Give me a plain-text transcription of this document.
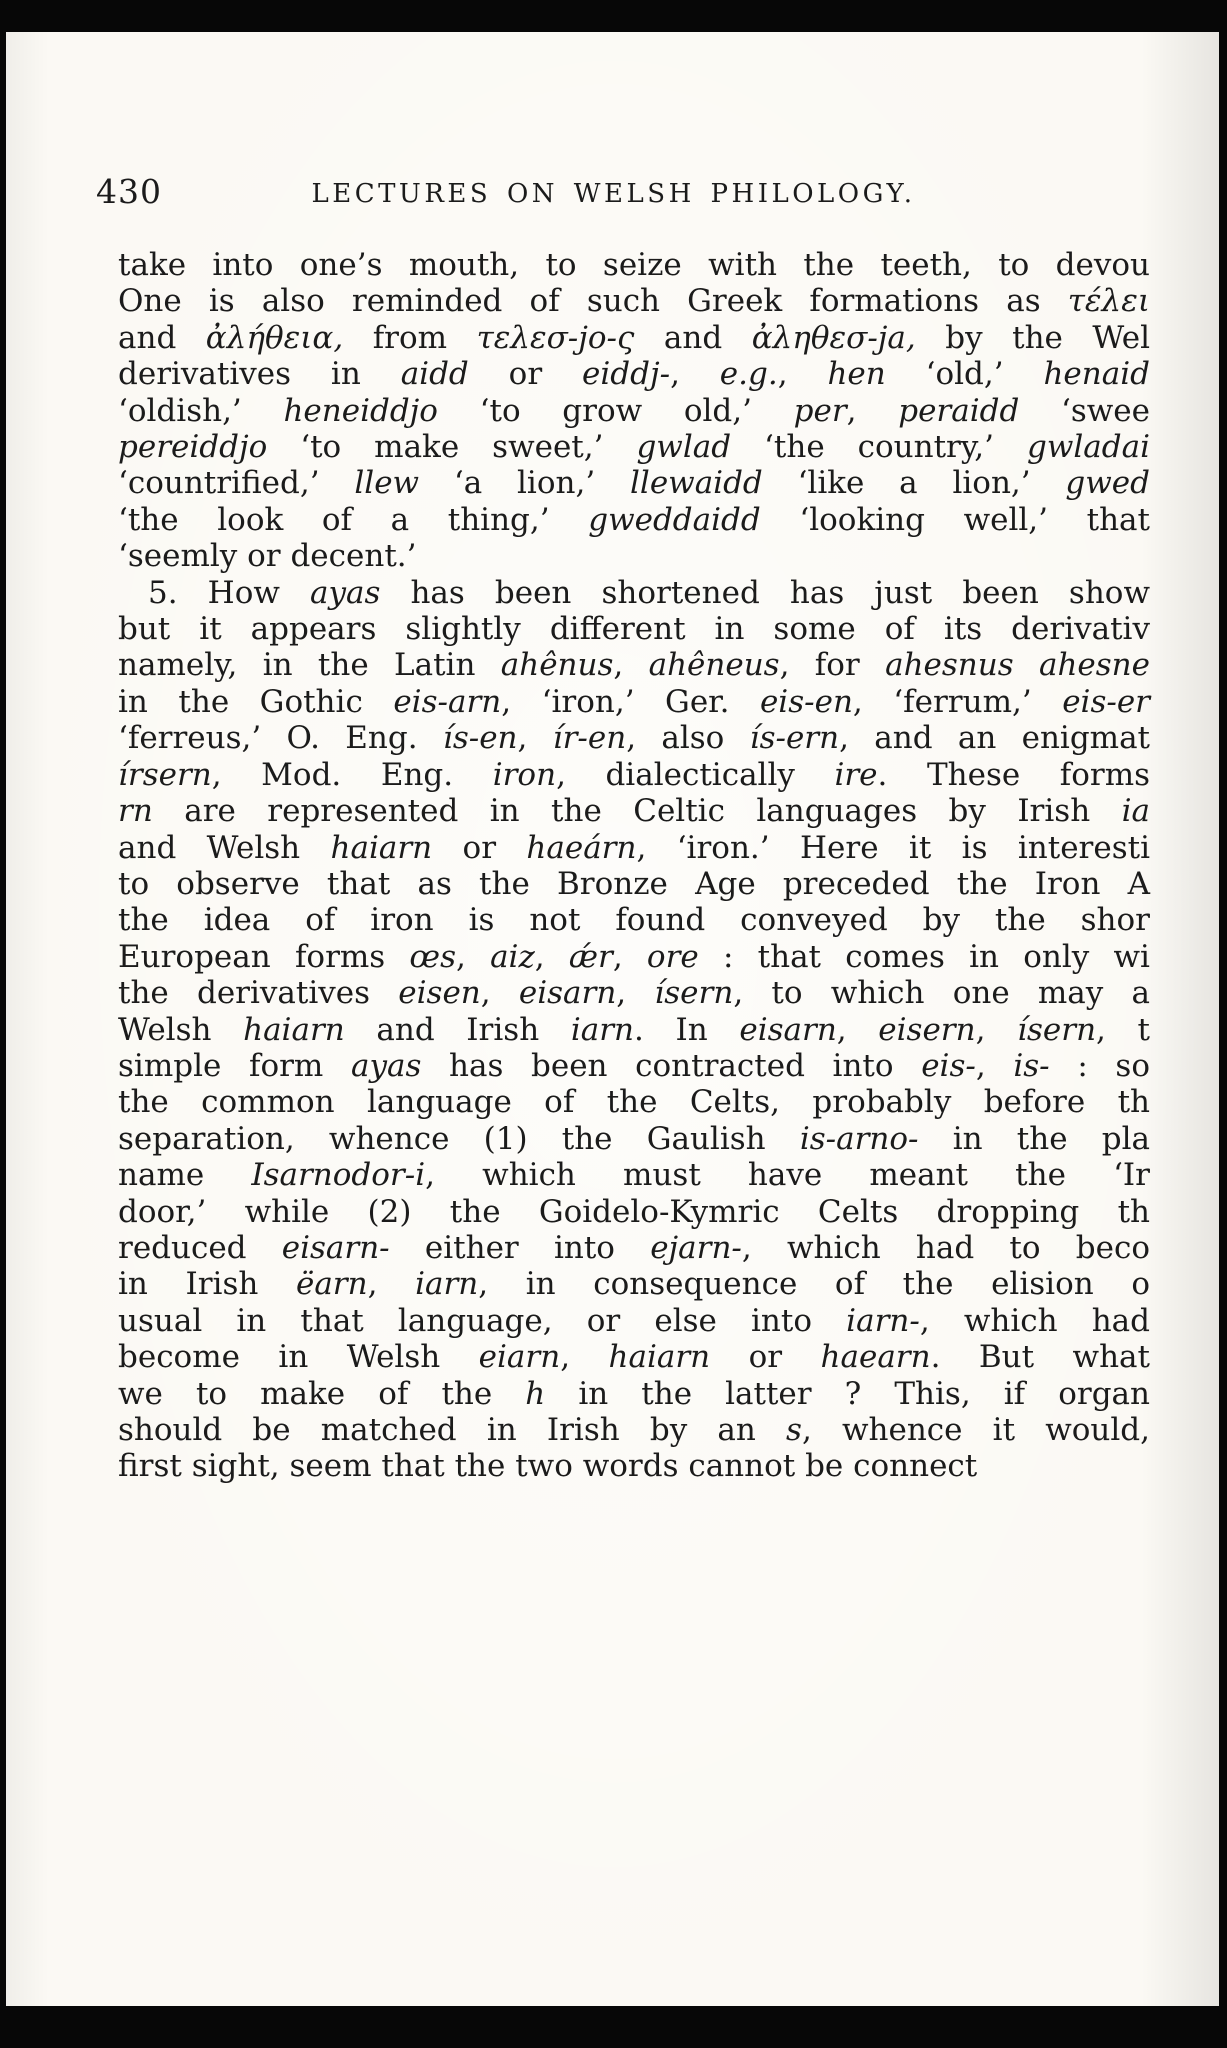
430	LECTURES ON WELSH PHILOLOGY.
take into one’s mouth, to seize with the teeth, to devou
One is also reminded of such Greek formations as τέλει
and ἀλήθεια, from τελεσ-jo-ς and ἀληθεσ-ja, by the Wel
derivatives in aidd or eiddj-, e.g., hen ‘old,’ henaid
‘oldish,’ heneiddjo ‘to grow old,’ per, peraidd ‘swee
pereiddjo ‘to make sweet,’ gwlad ‘the country,’ gwladai
‘countrified,’ llew ‘a lion,’ llewaidd ‘like a lion,’ gwed
‘the look of a thing,’ gweddaidd ‘looking well,’ that
‘seemly or decent.’
5. How ayas has been shortened has just been show
but it appears slightly different in some of its derivativ
namely, in the Latin ahênus, ahêneus, for ahesnus ahesne
in the Gothic eis-arn, ‘iron,’ Ger. eis-en, ‘ferrum,’ eis-er
‘ferreus,’ O. Eng. ís-en, ír-en, also ís-ern, and an enigmat
írsern, Mod. Eng. iron, dialectically ire. These forms
rn are represented in the Celtic languages by Irish ia
and Welsh haiarn or haeárn, ‘iron.’ Here it is interesti
to observe that as the Bronze Age preceded the Iron A
the idea of iron is not found conveyed by the shor
European forms œs, aiz, ǽr, ore : that comes in only wi
the derivatives eisen, eisarn, ísern, to which one may a
Welsh haiarn and Irish iarn. In eisarn, eisern, ísern, t
simple form ayas has been contracted into eis-, is- : so
the common language of the Celts, probably before th
separation, whence (1) the Gaulish is-arno- in the pla
name Isarnodor-i, which must have meant the ‘Ir
door,’ while (2) the Goidelo-Kymric Celts dropping th
reduced eisarn- either into ejarn-, which had to beco
in Irish ëarn, iarn, in consequence of the elision o
usual in that language, or else into iarn-, which had
become in Welsh eiarn, haiarn or haearn. But what
we to make of the h in the latter ? This, if organ
should be matched in Irish by an s, whence it would,
first sight, seem that the two words cannot be connect
